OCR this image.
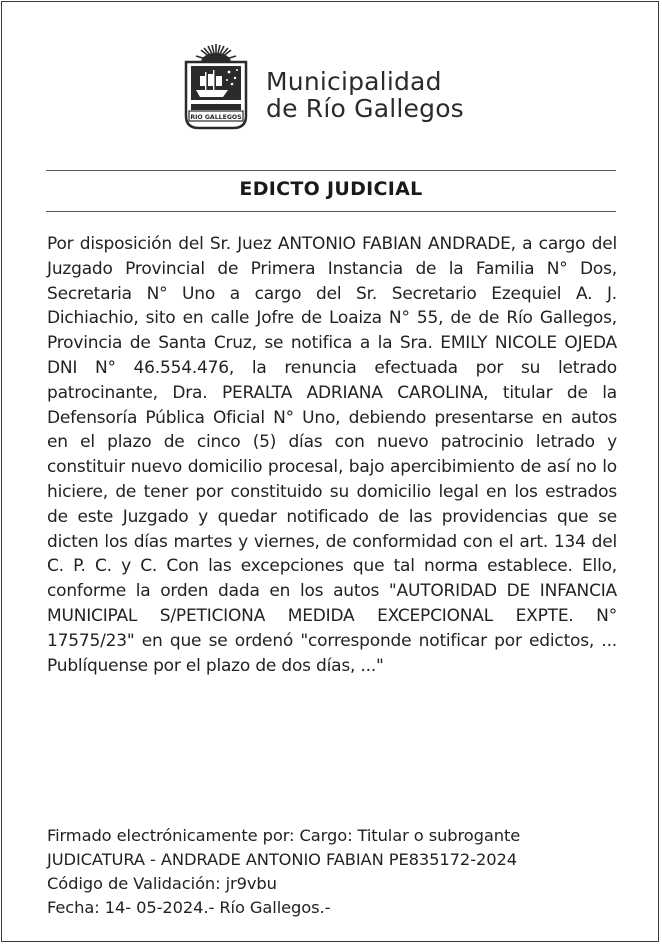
RIO GALLEGOS
Municipalidad
de Río Gallegos
EDICTO JUDICIAL
Por disposición del Sr. Juez ANTONIO FABIAN ANDRADE, a cargo del Juzgado Provincial de Primera Instancia de la Familia N° Dos, Secretaria N° Uno a cargo del Sr. Secretario Ezequiel A. J. Dichiachio, sito en calle Jofre de Loaiza N° 55, de de Río Gallegos, Provincia de Santa Cruz, se notifica a la Sra. EMILY NICOLE OJEDA DNI N° 46.554.476, la renuncia efectuada por su letrado patrocinante, Dra. PERALTA ADRIANA CAROLINA, titular de la Defensoría Pública Oficial N° Uno, debiendo presentarse en autos en el plazo de cinco (5) días con nuevo patrocinio letrado y constituir nuevo domicilio procesal, bajo apercibimiento de así no lo hiciere, de tener por constituido su domicilio legal en los estrados de este Juzgado y quedar notificado de las providencias que se dicten los días martes y viernes, de conformidad con el art. 134 del C. P. C. y C. Con las excepciones que tal norma establece. Ello, conforme la orden dada en los autos "AUTORIDAD DE INFANCIA MUNICIPAL S/PETICIONA MEDIDA EXCEPCIONAL EXPTE. N° 17575/23" en que se ordenó "corresponde notificar por edictos, ... Publíquense por el plazo de dos días, ..."
Firmado electrónicamente por: Cargo: Titular o subrogante
JUDICATURA - ANDRADE ANTONIO FABIAN PE835172-2024
Código de Validación: jr9vbu
Fecha: 14- 05-2024.- Río Gallegos.-
